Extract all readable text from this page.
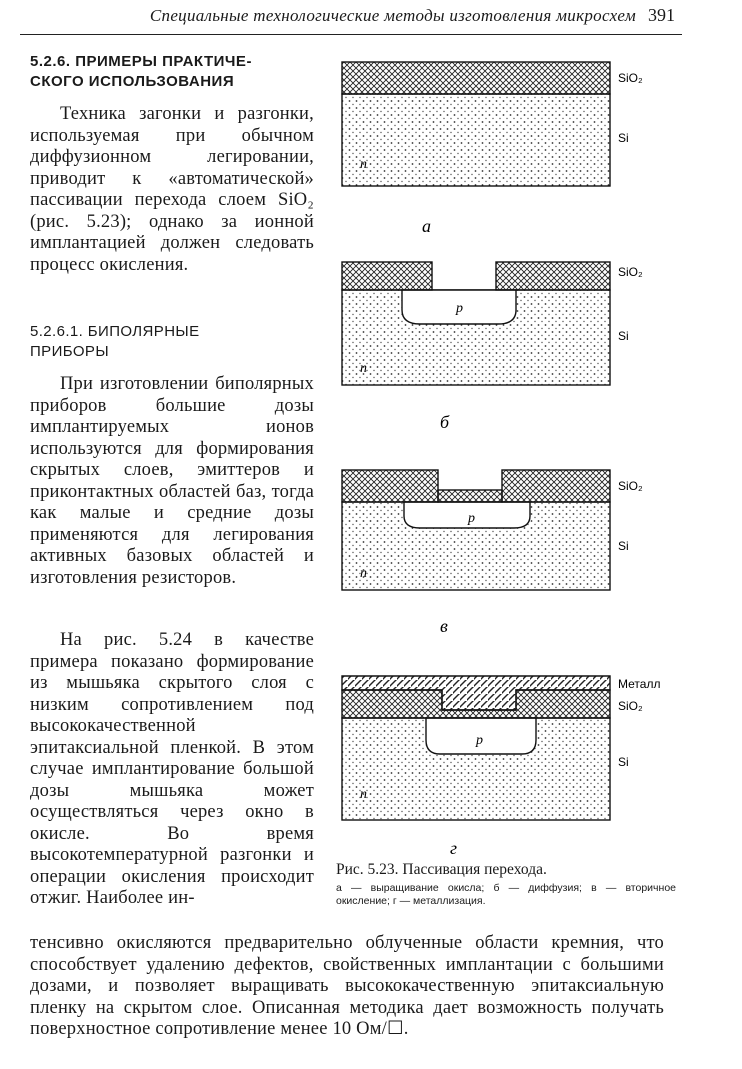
Специальные технологические методы изготовления микросхем 391
5.2.6. ПРИМЕРЫ ПРАКТИЧЕ-
СКОГО ИСПОЛЬЗОВАНИЯ

Техника загонки и разгонки, используемая при обычном диффузионном легировании, приводит к «автоматической» пассивации перехода слоем SiO₂ (рис. 5.23); однако за ионной имплантацией должен следовать процесс окисления.

5.2.6.1. БИПОЛЯРНЫЕ
ПРИБОРЫ

При изготовлении биполярных приборов большие дозы имплантируемых ионов используются для формирования скрытых слоев, эмиттеров и приконтактных областей баз, тогда как малые и средние дозы применяются для легирования активных базовых областей и изготовления резисторов.

На рис. 5.24 в качестве примера показано формирование из мышьяка скрытого слоя с низким сопротивлением под высококачественной эпитаксиальной пленкой. В этом случае имплантирование большой дозы мышьяка может осуществляться через окно в окисле. Во время высокотемпературной разгонки и операции окисления происходит отжиг. Наиболее ин-

тенсивно окисляются предварительно облученные области кремния, что способствует удалению дефектов, свойственных имплантации с большими дозами, и позволяет выращивать высококачественную эпитаксиальную пленку на скрытом слое. Описанная методика дает возможность получать поверхностное сопротивление менее 10 Ом/☐.
n
SiO₂
Si
а
p
n
SiO₂
Si
б
p
n
SiO₂
Si
в
p
n
Металл
SiO₂
Si
г
Рис. 5.23. Пассивация перехода.
а — выращивание окисла; б — диффузия; в — вторичное окисление; г — металлизация.
